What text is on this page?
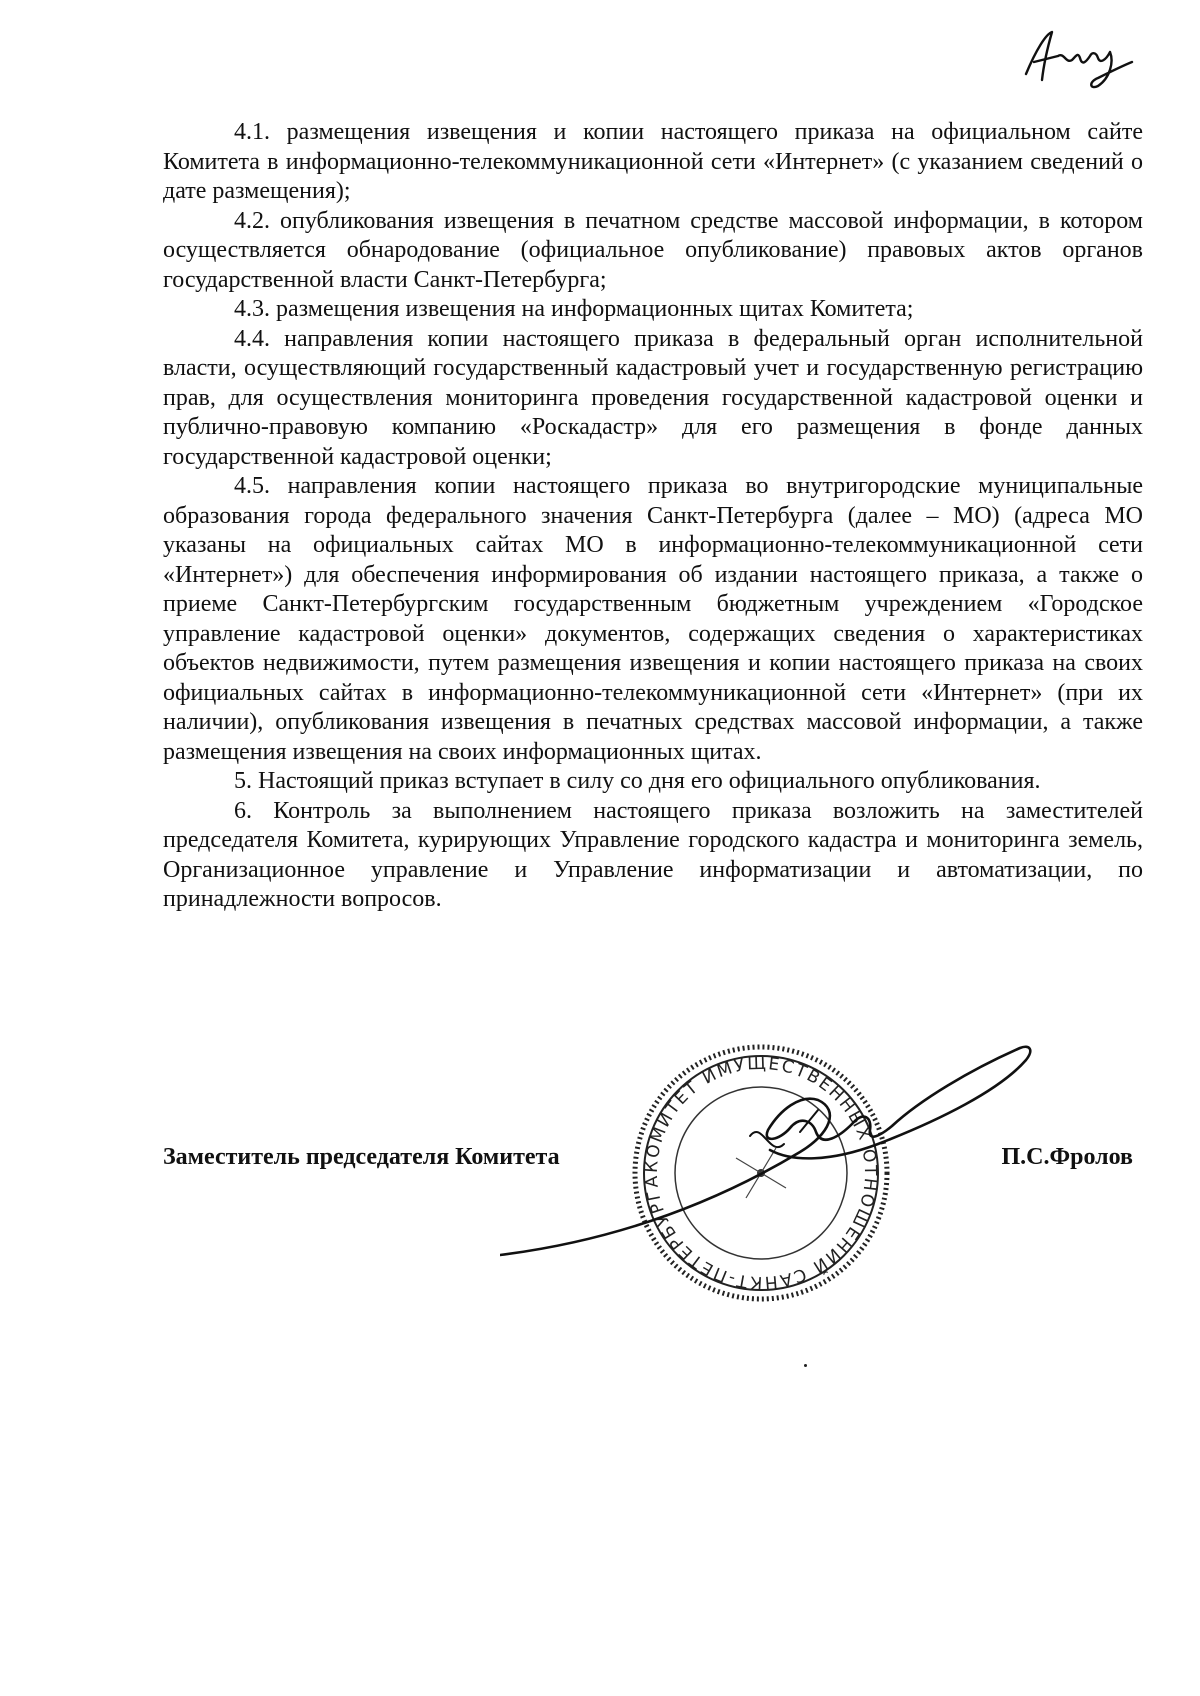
4.1. размещения извещения и копии настоящего приказа на официальном сайте Комитета в информационно-телекоммуникационной сети «Интернет» (с указанием сведений о дате размещения);

4.2. опубликования извещения в печатном средстве массовой информации, в котором осуществляется обнародование (официальное опубликование) правовых актов органов государственной власти Санкт-Петербурга;

4.3. размещения извещения на информационных щитах Комитета;

4.4. направления копии настоящего приказа в федеральный орган исполнительной власти, осуществляющий государственный кадастровый учет и государственную регистрацию прав, для осуществления мониторинга проведения государственной кадастровой оценки и публично-правовую компанию «Роскадастр» для его размещения в фонде данных государственной кадастровой оценки;

4.5. направления копии настоящего приказа во внутригородские муниципальные образования города федерального значения Санкт-Петербурга (далее – МО) (адреса МО указаны на официальных сайтах МО в информационно-телекоммуникационной сети «Интернет») для обеспечения информирования об издании настоящего приказа, а также о приеме Санкт-Петербургским государственным бюджетным учреждением «Городское управление кадастровой оценки» документов, содержащих сведения о характеристиках объектов недвижимости, путем размещения извещения и копии настоящего приказа на своих официальных сайтах в информационно-телекоммуникационной сети «Интернет» (при их наличии), опубликования извещения в печатных средствах массовой информации, а также размещения извещения на своих информационных щитах.

5. Настоящий приказ вступает в силу со дня его официального опубликования.

6. Контроль за выполнением настоящего приказа возложить на заместителей председателя Комитета, курирующих Управление городского кадастра и мониторинга земель, Организационное управление и Управление информатизации и автоматизации, по принадлежности вопросов.

КОМИТЕТ ИМУЩЕСТВЕННЫХ ОТНОШЕНИЙ САНКТ-ПЕТЕРБУРГА
Заместитель председателя Комитета	П.С.Фролов
